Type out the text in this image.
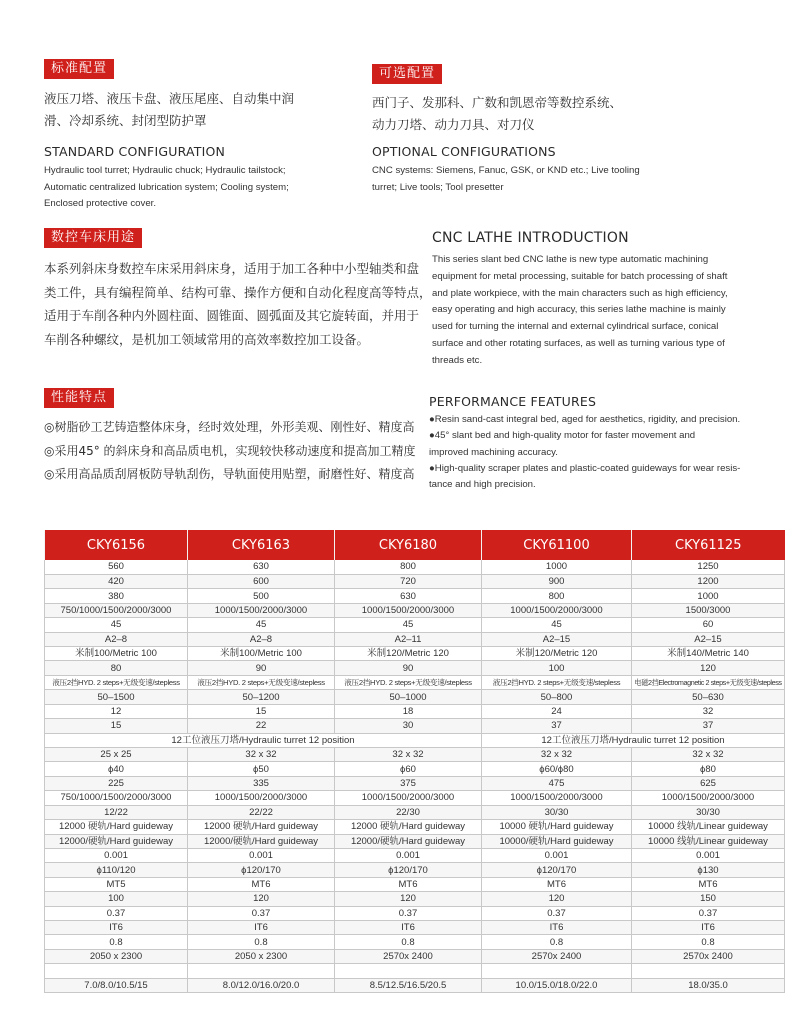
标准配置
液压刀塔、液压卡盘、液压尾座、自动集中润
滑、冷却系统、封闭型防护罩
STANDARD CONFIGURATION
Hydraulic tool turret; Hydraulic chuck; Hydraulic tailstock;
Automatic centralized lubrication system; Cooling system;
Enclosed protective cover.
可选配置
西门子、发那科、广数和凯恩帝等数控系统、
动力刀塔、动力刀具、对刀仪
OPTIONAL CONFIGURATIONS
CNC systems: Siemens, Fanuc, GSK, or KND etc.; Live tooling
turret; Live tools; Tool presetter
数控车床用途
本系列斜床身数控车床采用斜床身，适用于加工各种中小型轴类和盘
类工件，具有编程简单、结构可靠、操作方便和自动化程度高等特点，
适用于车削各种内外圆柱面、圆锥面、圆弧面及其它旋转面，并用于
车削各种螺纹，是机加工领域常用的高效率数控加工设备。
CNC LATHE INTRODUCTION
This series slant bed CNC lathe is new type automatic machining
equipment for metal processing, suitable for batch processing of shaft
and plate workpiece, with the main characters such as high efficiency,
easy operating and high accuracy, this series lathe machine is mainly
used for turning the internal and external cylindrical surface, conical
surface and other rotating surfaces, as well as turning various type of
threads etc.
性能特点
◎树脂砂工艺铸造整体床身，经时效处理，外形美观、刚性好、精度高
◎采用45° 的斜床身和高品质电机，实现较快移动速度和提高加工精度
◎采用高品质刮屑板防导轨刮伤，导轨面使用贴塑，耐磨性好、精度高
PERFORMANCE FEATURES
●Resin sand-cast integral bed, aged for aesthetics, rigidity, and precision.
●45° slant bed and high-quality motor for faster movement and
improved machining accuracy.
●High-quality scraper plates and plastic-coated guideways for wear resis-
tance and high precision.
CKY6156	CKY6163	CKY6180	CKY61100	CKY61125
560	630	800	1000	1250
420	600	720	900	1200
380	500	630	800	1000
750/1000/1500/2000/3000	1000/1500/2000/3000	1000/1500/2000/3000	1000/1500/2000/3000	1500/3000
45	45	45	45	60
A2–8	A2–8	A2–11	A2–15	A2–15
米制100/Metric 100	米制100/Metric 100	米制120/Metric 120	米制120/Metric 120	米制140/Metric 140
80	90	90	100	120
液压2挡HYD. 2 steps+无级变速/stepless	液压2挡HYD. 2 steps+无级变速/stepless	液压2挡HYD. 2 steps+无级变速/stepless	液压2挡HYD. 2 steps+无级变速/stepless	电磁2挡Electromagnetic 2 steps+无级变速/stepless
50–1500	50–1200	50–1000	50–800	50–630
12	15	18	24	32
15	22	30	37	37
12工位液压刀塔/Hydraulic turret 12 position			12工位液压刀塔/Hydraulic turret 12 position	
25 x 25	32 x 32	32 x 32	32 x 32	32 x 32
ϕ40	ϕ50	ϕ60	ϕ60/ϕ80	ϕ80
225	335	375	475	625
750/1000/1500/2000/3000	1000/1500/2000/3000	1000/1500/2000/3000	1000/1500/2000/3000	1000/1500/2000/3000
12/22	22/22	22/30	30/30	30/30
12000 硬轨/Hard guideway	12000 硬轨/Hard guideway	12000 硬轨/Hard guideway	10000 硬轨/Hard guideway	10000 线轨/Linear guideway
12000/硬轨/Hard guideway	12000/硬轨/Hard guideway	12000/硬轨/Hard guideway	10000/硬轨/Hard guideway	10000 线轨/Linear guideway
0.001	0.001	0.001	0.001	0.001
ϕ110/120	ϕ120/170	ϕ120/170	ϕ120/170	ϕ130
MT5	MT6	MT6	MT6	MT6
100	120	120	120	150
0.37	0.37	0.37	0.37	0.37
IT6	IT6	IT6	IT6	IT6
0.8	0.8	0.8	0.8	0.8
2050 x 2300	2050 x 2300	2570x 2400	2570x 2400	2570x 2400

7.0/8.0/10.5/15	8.0/12.0/16.0/20.0	8.5/12.5/16.5/20.5	10.0/15.0/18.0/22.0	18.0/35.0
